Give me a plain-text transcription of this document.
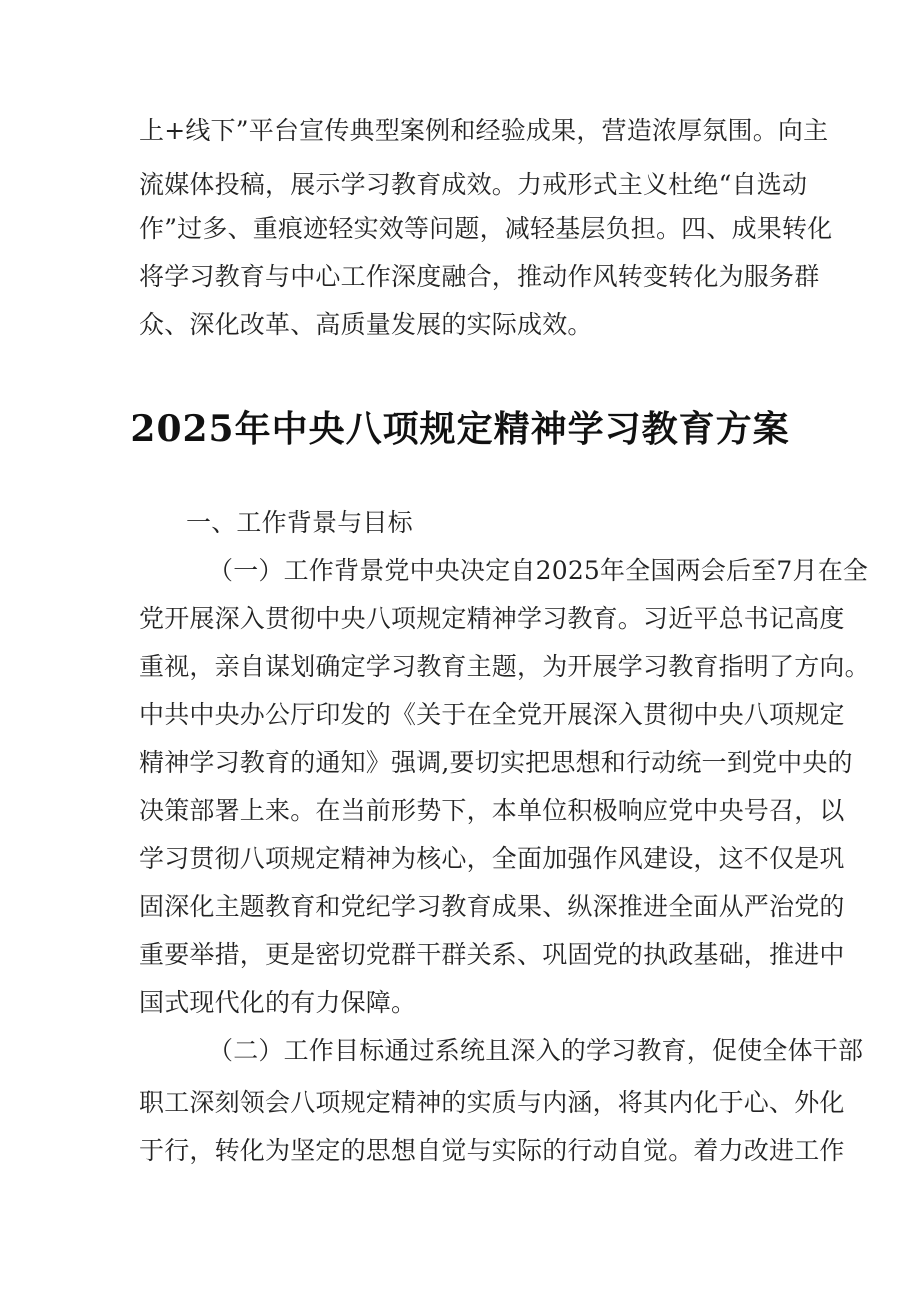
上+线下”平台宣传典型案例和经验成果，营造浓厚氛围。向主
流媒体投稿，展示学习教育成效。力戒形式主义杜绝“自选动
作”过多、重痕迹轻实效等问题，减轻基层负担。四、成果转化
将学习教育与中心工作深度融合，推动作风转变转化为服务群
众、深化改革、高质量发展的实际成效。
2025年中央八项规定精神学习教育方案
一、工作背景与目标
（一）工作背景党中央决定自2025年全国两会后至7月在全
党开展深入贯彻中央八项规定精神学习教育。习近平总书记高度
重视，亲自谋划确定学习教育主题，为开展学习教育指明了方向。
中共中央办公厅印发的《关于在全党开展深入贯彻中央八项规定
精神学习教育的通知》强调,要切实把思想和行动统一到党中央的
决策部署上来。在当前形势下，本单位积极响应党中央号召，以
学习贯彻八项规定精神为核心，全面加强作风建设，这不仅是巩
固深化主题教育和党纪学习教育成果、纵深推进全面从严治党的
重要举措，更是密切党群干群关系、巩固党的执政基础，推进中
国式现代化的有力保障。
（二）工作目标通过系统且深入的学习教育，促使全体干部
职工深刻领会八项规定精神的实质与内涵，将其内化于心、外化
于行，转化为坚定的思想自觉与实际的行动自觉。着力改进工作
